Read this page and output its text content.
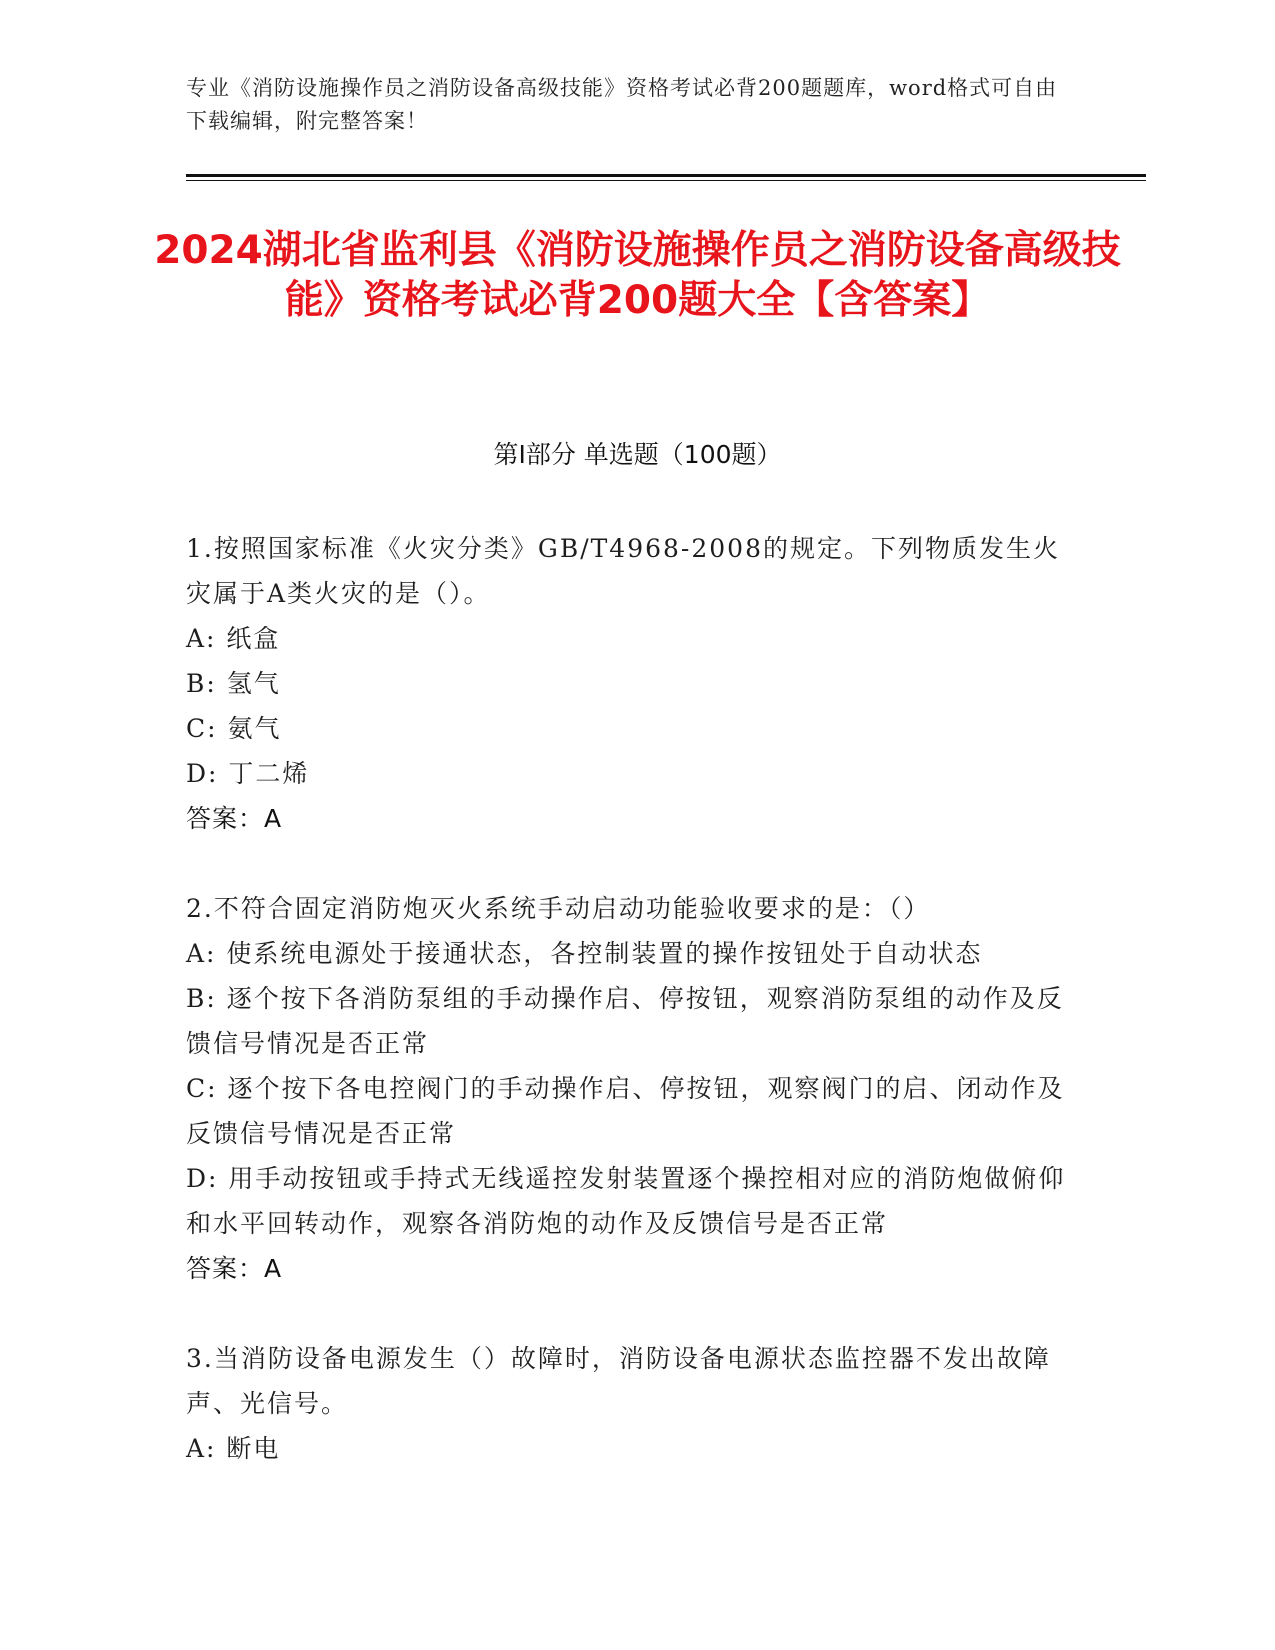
专业《消防设施操作员之消防设备高级技能》资格考试必背200题题库，word格式可自由下载编辑，附完整答案！
2024湖北省监利县《消防设施操作员之消防设备高级技能》资格考试必背200题大全【含答案】
第I部分 单选题（100题）

1.按照国家标准《火灾分类》GB/T4968-2008的规定。下列物质发生火灾属于A类火灾的是（）。

A: 纸盒

B: 氢气

C: 氨气

D: 丁二烯

答案：A

2.不符合固定消防炮灭火系统手动启动功能验收要求的是：（）

A: 使系统电源处于接通状态，各控制装置的操作按钮处于自动状态

B: 逐个按下各消防泵组的手动操作启、停按钮，观察消防泵组的动作及反馈信号情况是否正常

C: 逐个按下各电控阀门的手动操作启、停按钮，观察阀门的启、闭动作及反馈信号情况是否正常

D: 用手动按钮或手持式无线遥控发射装置逐个操控相对应的消防炮做俯仰和水平回转动作，观察各消防炮的动作及反馈信号是否正常

答案：A

3.当消防设备电源发生（）故障时，消防设备电源状态监控器不发出故障声、光信号。

A: 断电
